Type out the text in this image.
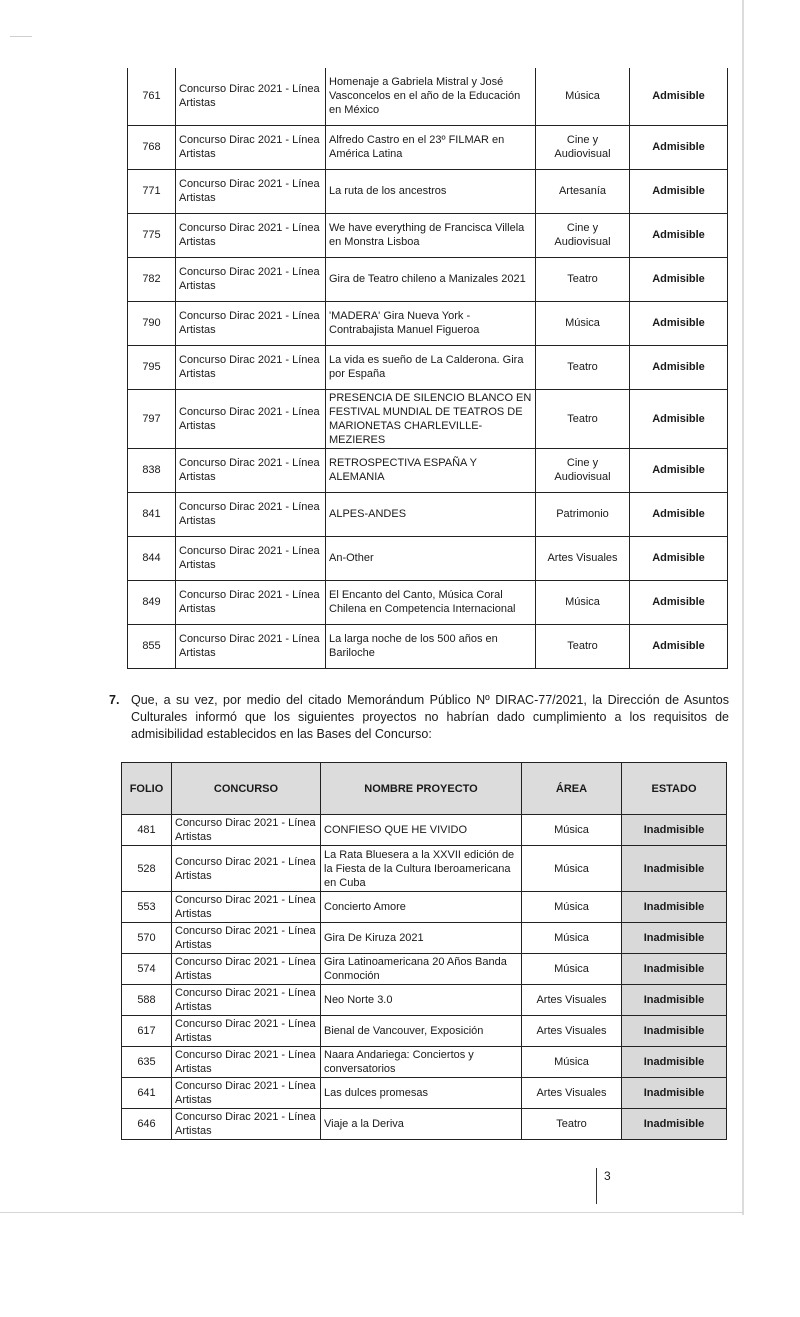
761	Concurso Dirac 2021 - Línea Artistas	Homenaje a Gabriela Mistral y José Vasconcelos en el año de la Educación en México	Música	Admisible
768	Concurso Dirac 2021 - Línea Artistas	Alfredo Castro en el 23º FILMAR en América Latina	Cine y Audiovisual	Admisible
771	Concurso Dirac 2021 - Línea Artistas	La ruta de los ancestros	Artesanía	Admisible
775	Concurso Dirac 2021 - Línea Artistas	We have everything de Francisca Villela en Monstra Lisboa	Cine y Audiovisual	Admisible
782	Concurso Dirac 2021 - Línea Artistas	Gira de Teatro chileno a Manizales 2021	Teatro	Admisible
790	Concurso Dirac 2021 - Línea Artistas	'MADERA' Gira Nueva York - Contrabajista Manuel Figueroa	Música	Admisible
795	Concurso Dirac 2021 - Línea Artistas	La vida es sueño de La Calderona. Gira por España	Teatro	Admisible
797	Concurso Dirac 2021 - Línea Artistas	PRESENCIA DE SILENCIO BLANCO EN FESTIVAL MUNDIAL DE TEATROS DE MARIONETAS CHARLEVILLE-MEZIERES	Teatro	Admisible
838	Concurso Dirac 2021 - Línea Artistas	RETROSPECTIVA ESPAÑA Y ALEMANIA	Cine y Audiovisual	Admisible
841	Concurso Dirac 2021 - Línea Artistas	ALPES-ANDES	Patrimonio	Admisible
844	Concurso Dirac 2021 - Línea Artistas	An-Other	Artes Visuales	Admisible
849	Concurso Dirac 2021 - Línea Artistas	El Encanto del Canto, Música Coral Chilena en Competencia Internacional	Música	Admisible
855	Concurso Dirac 2021 - Línea Artistas	La larga noche de los 500 años en Bariloche	Teatro	Admisible
7. Que, a su vez, por medio del citado Memorándum Público Nº DIRAC-77/2021, la Dirección de Asuntos Culturales informó que los siguientes proyectos no habrían dado cumplimiento a los requisitos de admisibilidad establecidos en las Bases del Concurso:
FOLIO	CONCURSO	NOMBRE PROYECTO	ÁREA	ESTADO
481	Concurso Dirac 2021 - Línea Artistas	CONFIESO QUE HE VIVIDO	Música	Inadmisible
528	Concurso Dirac 2021 - Línea Artistas	La Rata Bluesera a la XXVII edición de la Fiesta de la Cultura Iberoamericana en Cuba	Música	Inadmisible
553	Concurso Dirac 2021 - Línea Artistas	Concierto Amore	Música	Inadmisible
570	Concurso Dirac 2021 - Línea Artistas	Gira De Kiruza 2021	Música	Inadmisible
574	Concurso Dirac 2021 - Línea Artistas	Gira Latinoamericana 20 Años Banda Conmoción	Música	Inadmisible
588	Concurso Dirac 2021 - Línea Artistas	Neo Norte 3.0	Artes Visuales	Inadmisible
617	Concurso Dirac 2021 - Línea Artistas	Bienal de Vancouver, Exposición	Artes Visuales	Inadmisible
635	Concurso Dirac 2021 - Línea Artistas	Naara Andariega: Conciertos y conversatorios	Música	Inadmisible
641	Concurso Dirac 2021 - Línea Artistas	Las dulces promesas	Artes Visuales	Inadmisible
646	Concurso Dirac 2021 - Línea Artistas	Viaje a la Deriva	Teatro	Inadmisible
3
